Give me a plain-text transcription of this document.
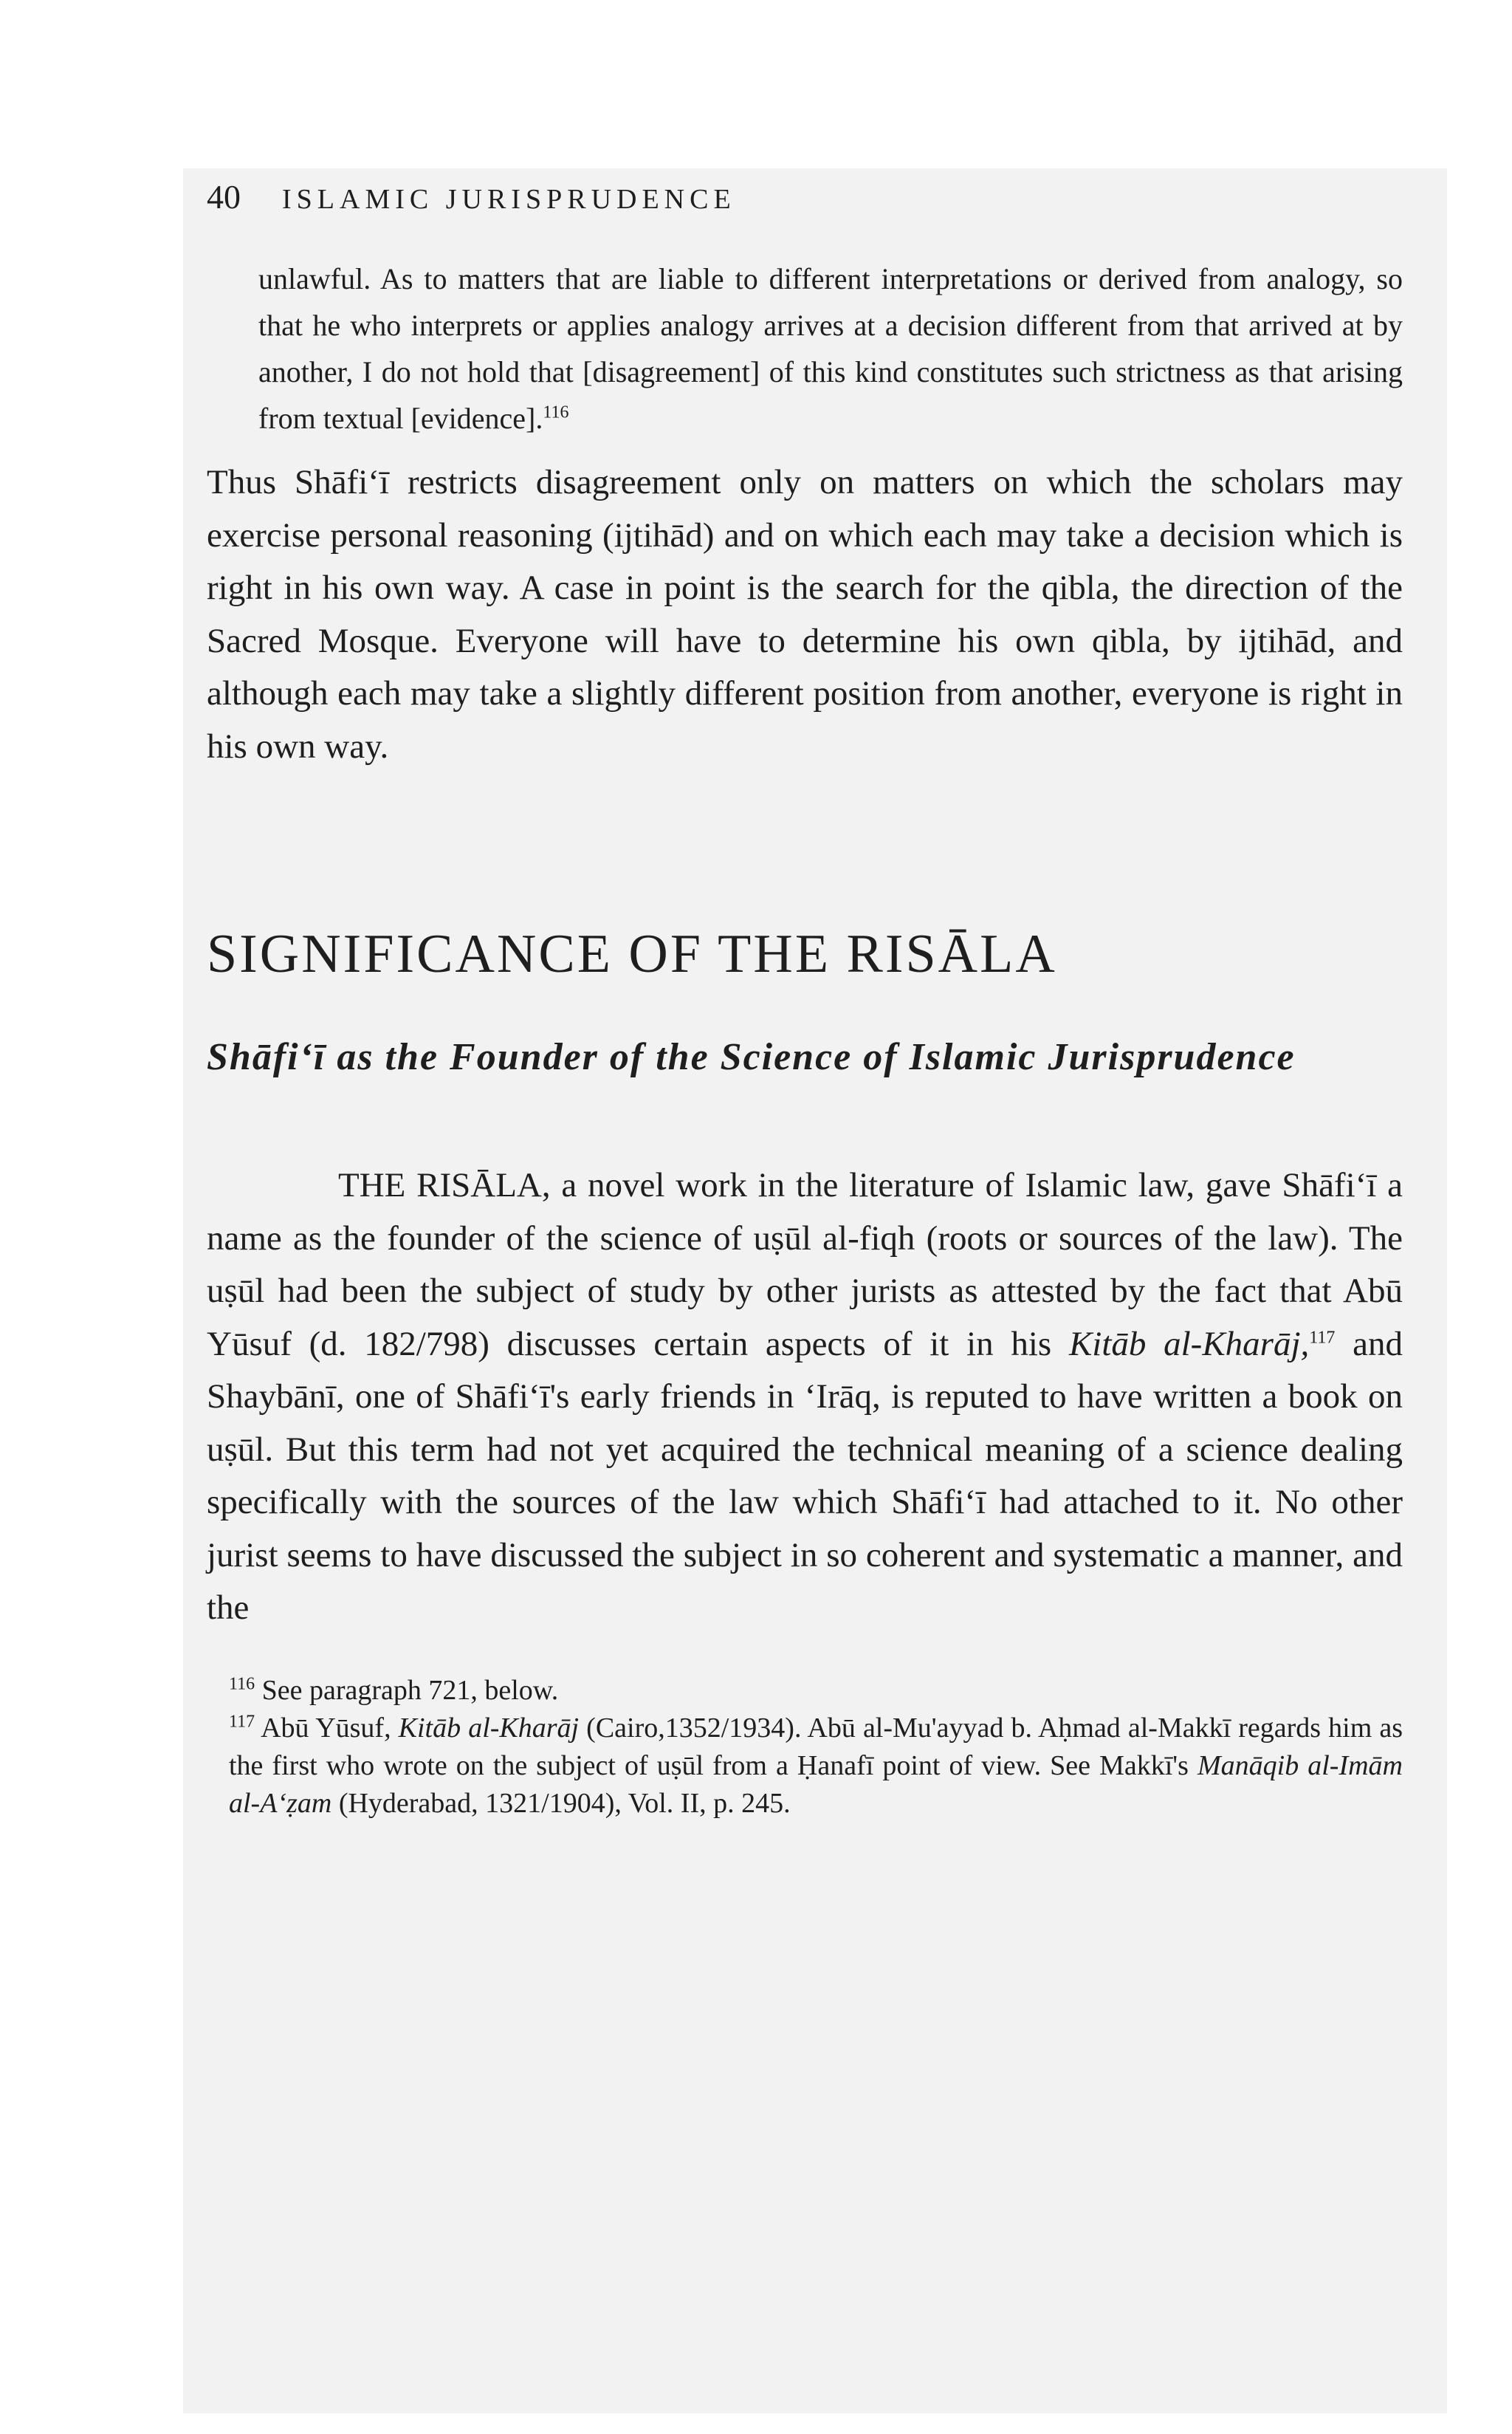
40 ISLAMIC JURISPRUDENCE

unlawful. As to matters that are liable to different interpretations or derived from analogy, so that he who interprets or applies analogy arrives at a decision different from that arrived at by another, I do not hold that [disagreement] of this kind constitutes such strictness as that arising from textual [evidence].$^{116}$

Thus Shāfi‘ī restricts disagreement only on matters on which the scholars may exercise personal reasoning (ijtihād) and on which each may take a decision which is right in his own way. A case in point is the search for the qibla, the direction of the Sacred Mosque. Everyone will have to determine his own qibla, by ijtihād, and although each may take a slightly different position from another, everyone is right in his own way.

SIGNIFICANCE OF THE RISĀLA
Shāfi‘ī as the Founder of the Science of Islamic Jurisprudence

THE RISĀLA, a novel work in the literature of Islamic law, gave Shāfi‘ī a name as the founder of the science of uṣūl al-fiqh (roots or sources of the law). The uṣūl had been the subject of study by other jurists as attested by the fact that Abū Yūsuf (d. 182/798) discusses certain aspects of it in his Kitāb al-Kharāj,$^{117}$ and Shaybānī, one of Shāfi‘ī's early friends in ‘Irāq, is reputed to have written a book on uṣūl. But this term had not yet acquired the technical meaning of a science dealing specifically with the sources of the law which Shāfi‘ī had attached to it. No other jurist seems to have discussed the subject in so coherent and systematic a manner, and the

$^{116}$ See paragraph 721, below.

$^{117}$ Abū Yūsuf, Kitāb al-Kharāj (Cairo,1352/1934). Abū al-Mu'ayyad b. Aḥmad al-Makkī regards him as the first who wrote on the subject of uṣūl from a Ḥanafī point of view. See Makkī's Manāqib al-Imām al-A‘ẓam (Hyderabad, 1321/1904), Vol. II, p. 245.
